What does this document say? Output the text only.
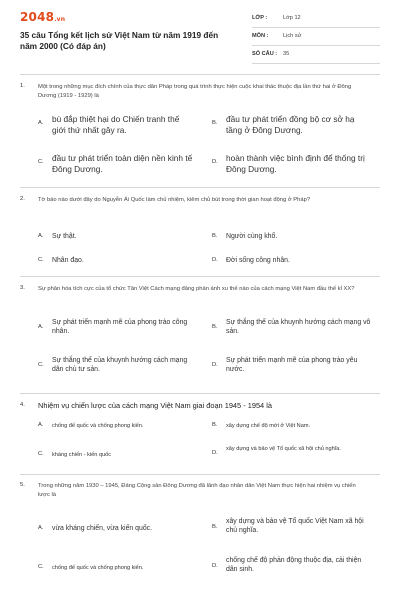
2048.vn
35 câu Tổng kết lịch sử Việt Nam từ năm 1919 đến năm 2000 (Có đáp án)
LỚP :	Lớp 12
MÔN :	Lịch sử
SỐ CÂU : 35
1. Một trong những mục đích chính của thực dân Pháp trong quá trình thực hiện cuộc khai thác thuộc địa lần thứ hai ở Đông Dương (1919 - 1929) là
A. bù đắp thiệt hại do Chiến tranh thế giới thứ nhất gây ra.
B. đầu tư phát triển đồng bộ cơ sở hạ tầng ở Đông Dương.
C. đầu tư phát triển toàn diện nền kinh tế Đông Dương.
D. hoàn thành việc bình định để thống trị Đông Dương.
2. Tờ báo nào dưới đây do Nguyễn Ái Quốc làm chủ nhiệm, kiêm chủ bút trong thời gian hoạt động ở Pháp?
A. Sự thật.	B. Người cùng khổ.
C. Nhân đạo.	D. Đời sống công nhân.
3. Sự phân hóa tích cực của tổ chức Tân Việt Cách mạng đảng phản ánh xu thế nào của cách mạng Việt Nam đầu thế kỉ XX?
A.
Sự phát triển mạnh mẽ của phong trào công nhân.
B.
Sự thắng thế của khuynh hướng cách mạng vô sản.
C.
Sự thắng thế của khuynh hướng cách mạng dân chủ tư sản.
D.
Sự phát triển mạnh mẽ của phong trào yêu nước.
4. Nhiệm vụ chiến lược của cách mạng Việt Nam giai đoạn 1945 - 1954 là
A. chống đế quốc và chống phong kiến.	B. xây dựng chế độ mới ở Việt Nam.
C. kháng chiến - kiến quốc	D.
xây dựng và bảo vệ Tổ quốc xã hội chủ nghĩa.
5. Trong những năm 1930 – 1945, Đảng Cộng sản Đông Dương đã lãnh đạo nhân dân Việt Nam thực hiện hai nhiệm vụ chiến lược là
A. vừa kháng chiến, vừa kiến quốc.	B.
xây dựng và bảo vệ Tổ quốc Việt Nam xã hội chủ nghĩa.
C. chống đế quốc và chống phong kiến.	D.
chống chế độ phản động thuộc địa, cải thiện dân sinh.
